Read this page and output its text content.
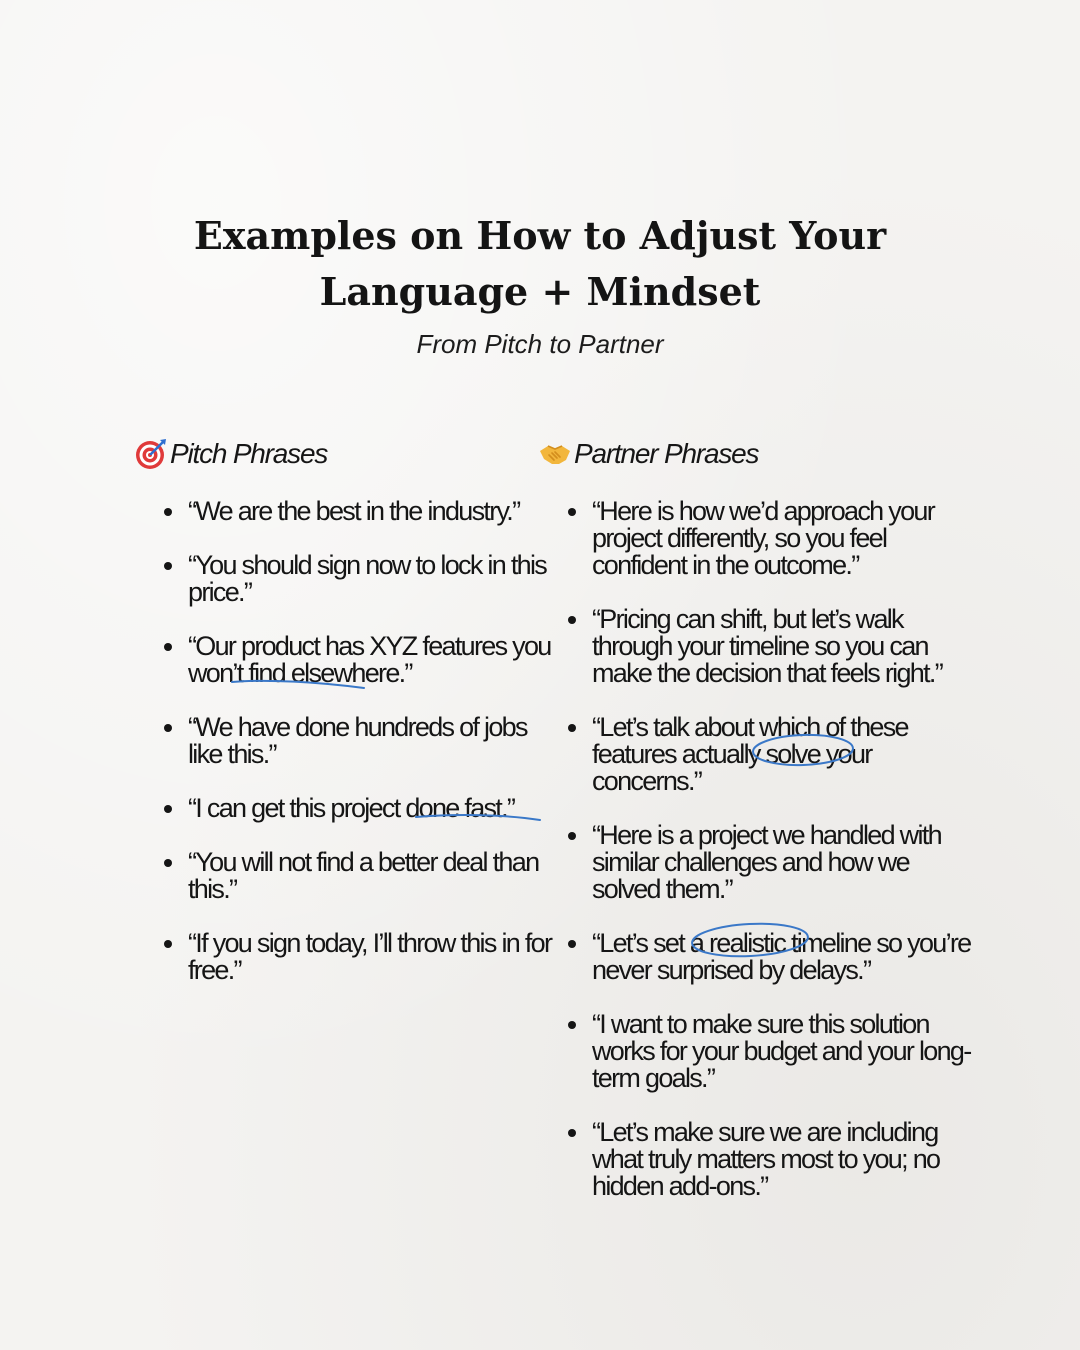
Examples on How to Adjust Your
Language + Mindset

From Pitch to Partner

Pitch Phrases
“We are the best in the industry.”
“You should sign now to lock in this price.”
“Our product has XYZ features you won’t find elsewhere.”
“We have done hundreds of jobs like this.”
“I can get this project done fast.”
“You will not find a better deal than this.”
“If you sign today, I’ll throw this in for free.”
Partner Phrases
“Here is how we’d approach your project differently, so you feel confident in the outcome.”
“Pricing can shift, but let’s walk through your timeline so you can make the decision that feels right.”
“Let’s talk about which of these features actually solve your concerns.”
“Here is a project we handled with similar challenges and how we solved them.”
“Let’s set a realistic timeline so you’re never surprised by delays.”
“I want to make sure this solution works for your budget and your long-term goals.”
“Let’s make sure we are including what truly matters most to you; no hidden add-ons.”
